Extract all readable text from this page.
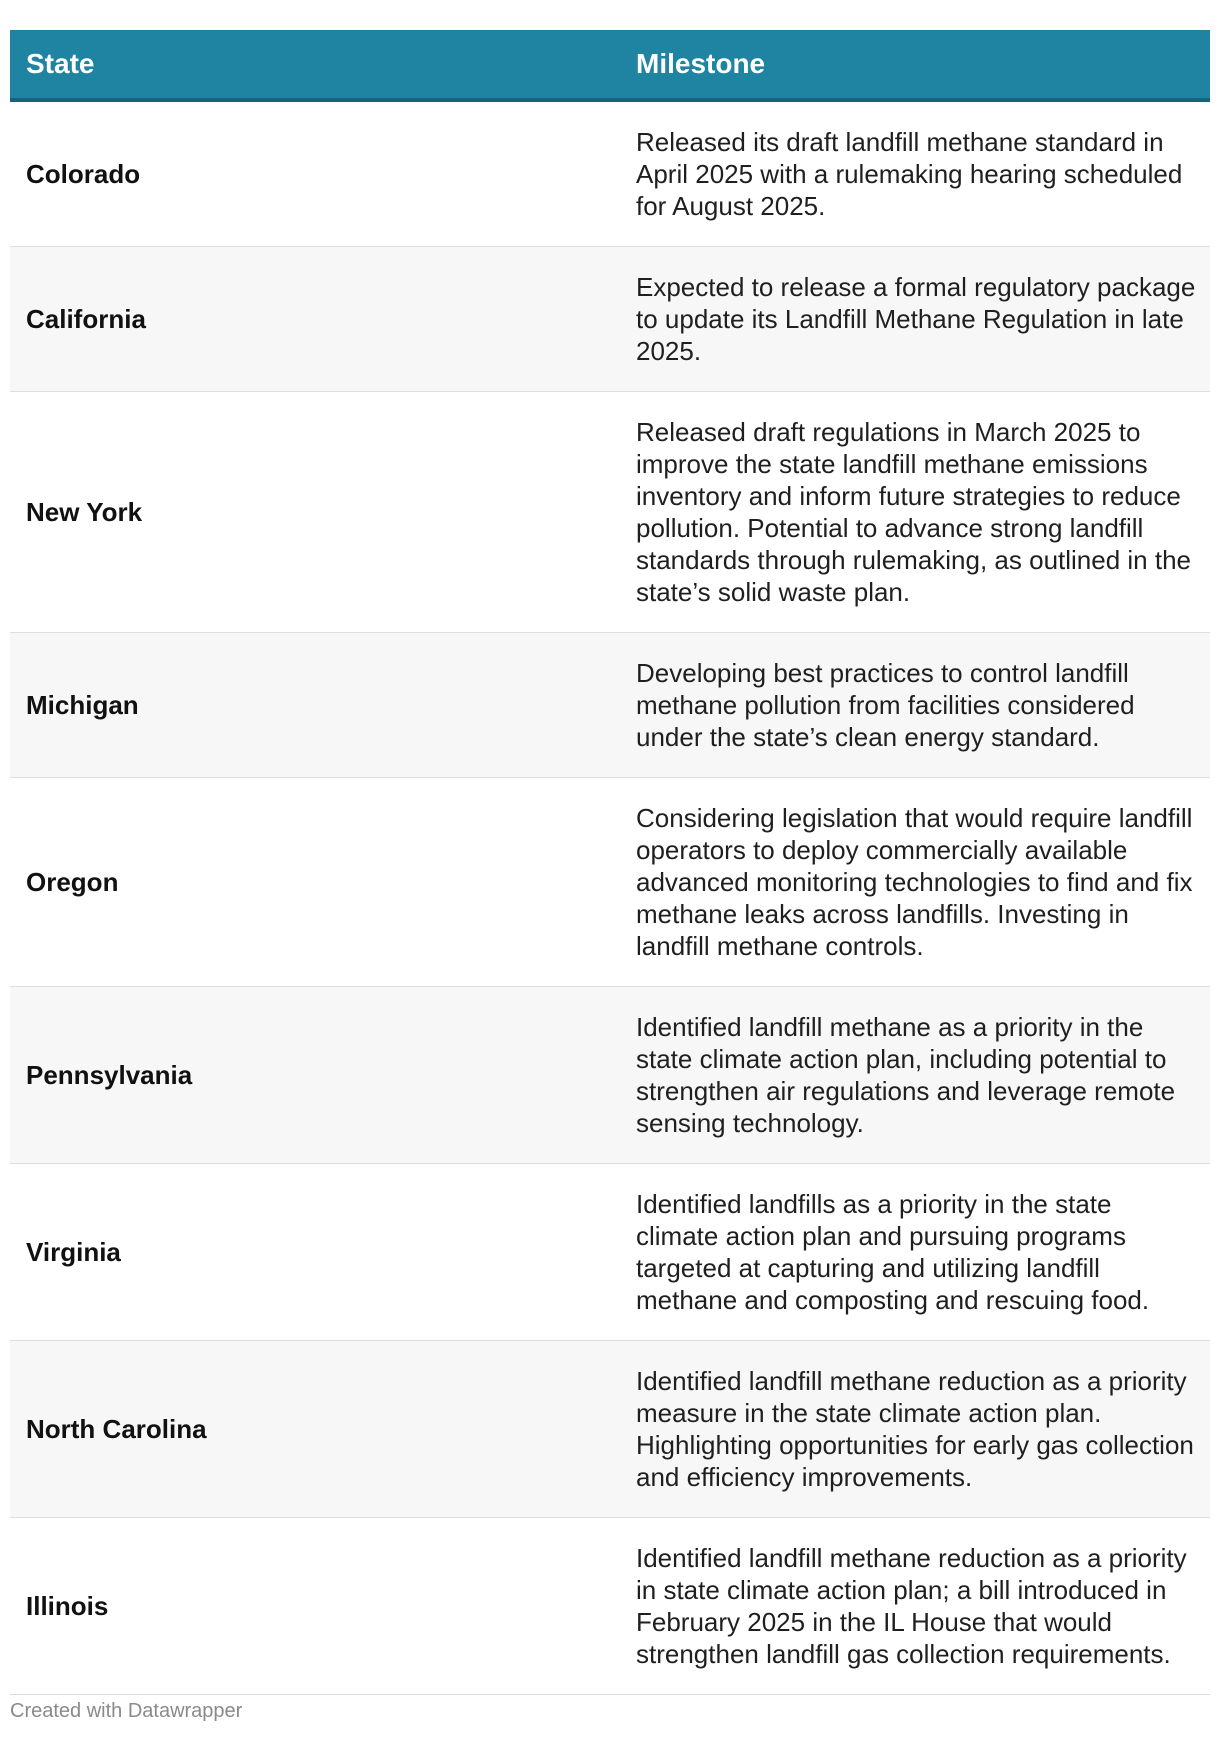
State	Milestone
Colorado	Released its draft landfill methane standard in April 2025 with a rulemaking hearing scheduled for August 2025.
California	Expected to release a formal regulatory package to update its Landfill Methane Regulation in late 2025.
New York	Released draft regulations in March 2025 to improve the state landfill methane emissions inventory and inform future strategies to reduce pollution. Potential to advance strong landfill standards through rulemaking, as outlined in the state’s solid waste plan.
Michigan	Developing best practices to control landfill methane pollution from facilities considered under the state’s clean energy standard.
Oregon	Considering legislation that would require landfill operators to deploy commercially available advanced monitoring technologies to find and fix methane leaks across landfills. Investing in landfill methane controls.
Pennsylvania	Identified landfill methane as a priority in the state climate action plan, including potential to strengthen air regulations and leverage remote sensing technology.
Virginia	Identified landfills as a priority in the state climate action plan and pursuing programs targeted at capturing and utilizing landfill methane and composting and rescuing food.
North Carolina	Identified landfill methane reduction as a priority measure in the state climate action plan. Highlighting opportunities for early gas collection and efficiency improvements.
Illinois	Identified landfill methane reduction as a priority in state climate action plan; a bill introduced in February 2025 in the IL House that would strengthen landfill gas collection requirements.
Created with Datawrapper
